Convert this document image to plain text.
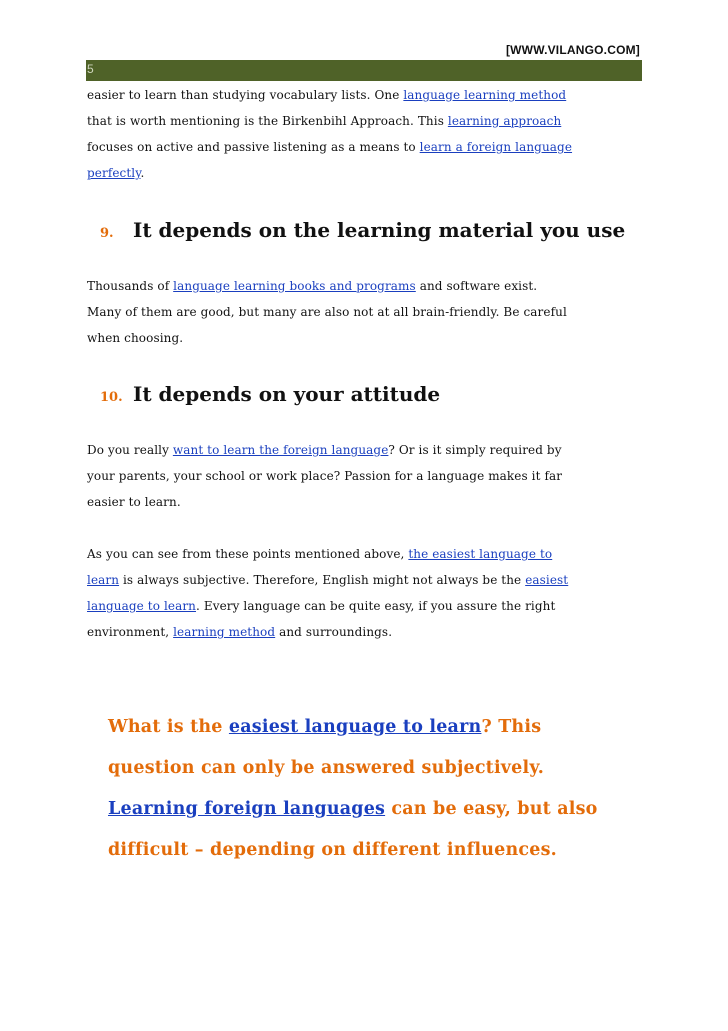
[WWW.VILANGO.COM]
5

easier to learn than studying vocabulary lists. One language learning method
that is worth mentioning is the Birkenbihl Approach. This learning approach
focuses on active and passive listening as a means to learn a foreign language
perfectly.

9. It depends on the learning material you use

Thousands of language learning books and programs and software exist.
Many of them are good, but many are also not at all brain-friendly. Be careful
when choosing.

10. It depends on your attitude

Do you really want to learn the foreign language? Or is it simply required by
your parents, your school or work place? Passion for a language makes it far
easier to learn.

As you can see from these points mentioned above, the easiest language to
learn is always subjective. Therefore, English might not always be the easiest
language to learn. Every language can be quite easy, if you assure the right
environment, learning method and surroundings.

What is the easiest language to learn? This
question can only be answered subjectively.
Learning foreign languages can be easy, but also
difficult – depending on different influences.
